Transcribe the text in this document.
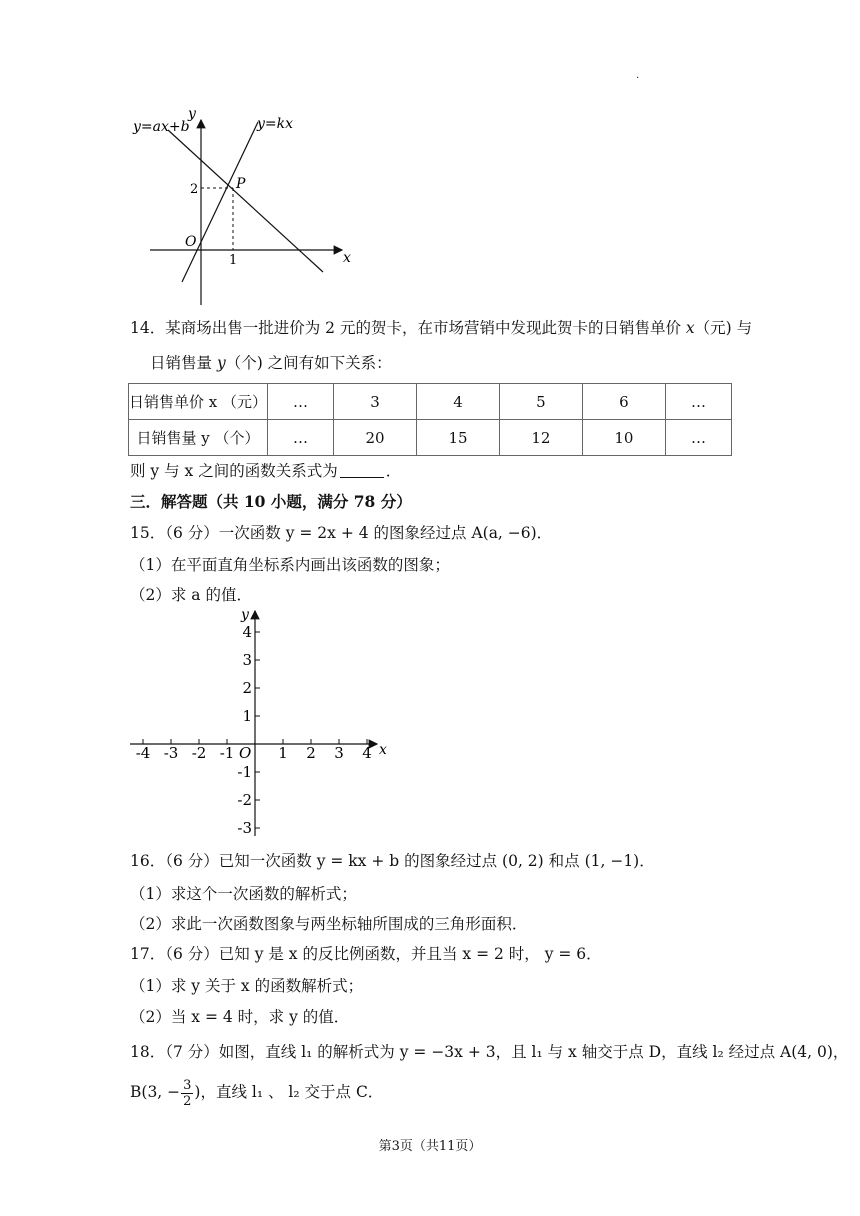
.
y=ax+b	y=kx
y
x
O
P
2
1
14．某商场出售一批进价为 2 元的贺卡，在市场营销中发现此贺卡的日销售单价 x（元) 与
日销售量 y（个) 之间有如下关系：
日销售单价 x （元）	…	3	4	5	6	…
日销售量 y （个）	…	20	15	12	10	…
则 y 与 x 之间的函数关系式为	．
三．解答题（共 10 小题，满分 78 分）
15．（6 分）一次函数 y = 2x + 4 的图象经过点 A(a, −6)．
（1）在平面直角坐标系内画出该函数的图象；
（2）求 a 的值．
-4 -3 -2 -1	1 2 3 4
4
3
2
1
-1
-2
-3
x
y
O
16．（6 分）已知一次函数 y = kx + b 的图象经过点 (0, 2) 和点 (1, −1)．
（1）求这个一次函数的解析式；
（2）求此一次函数图象与两坐标轴所围成的三角形面积．
17．（6 分）已知 y 是 x 的反比例函数，并且当 x = 2 时， y = 6．
（1）求 y 关于 x 的函数解析式；
（2）当 x = 4 时，求 y 的值．
18．（7 分）如图，直线 l₁ 的解析式为 y = −3x + 3，且 l₁ 与 x 轴交于点 D，直线 l₂ 经过点 A(4, 0)，
B(3, − $\frac{3}{2}$ )，直线 l₁ 、 l₂ 交于点 C．
第3页（共11页）
